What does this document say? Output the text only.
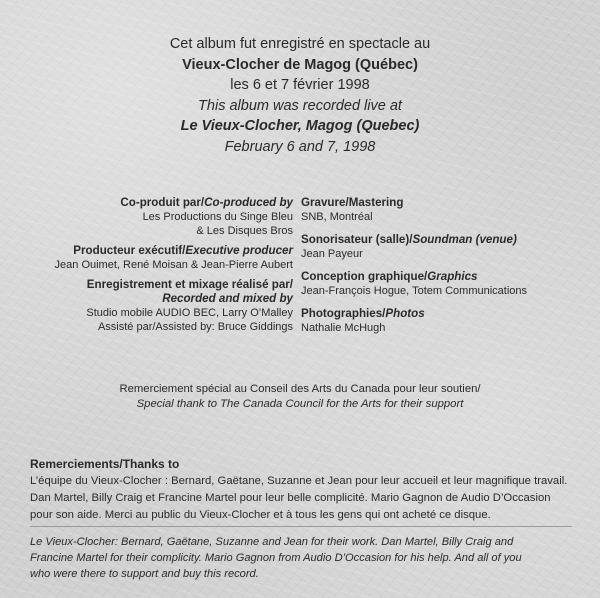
Cet album fut enregistré en spectacle au
Vieux-Clocher de Magog (Québec)
les 6 et 7 février 1998
This album was recorded live at
Le Vieux-Clocher, Magog (Quebec)
February 6 and 7, 1998
Co-produit par/Co-produced by
Les Productions du Singe Bleu
& Les Disques Bros
Producteur exécutif/Executive producer
Jean Ouimet, René Moisan & Jean-Pierre Aubert
Enregistrement et mixage réalisé par/
Recorded and mixed by
Studio mobile AUDIO BEC, Larry O’Malley
Assisté par/Assisted by: Bruce Giddings
Gravure/Mastering
SNB, Montréal
Sonorisateur (salle)/Soundman (venue)
Jean Payeur
Conception graphique/Graphics
Jean-François Hogue, Totem Communications
Photographies/Photos
Nathalie McHugh
Remerciement spécial au Conseil des Arts du Canada pour leur soutien/
Special thank to The Canada Council for the Arts for their support
Remerciements/Thanks to
L’équipe du Vieux-Clocher : Bernard, Gaëtane, Suzanne et Jean pour leur accueil et leur magnifique travail.
Dan Martel, Billy Craig et Francine Martel pour leur belle complicité. Mario Gagnon de Audio D’Occasion
pour son aide. Merci au public du Vieux-Clocher et à tous les gens qui ont acheté ce disque.
Le Vieux-Clocher: Bernard, Gaëtane, Suzanne and Jean for their work. Dan Martel, Billy Craig and
Francine Martel for their complicity. Mario Gagnon from Audio D’Occasion for his help. And all of you
who were there to support and buy this record.
